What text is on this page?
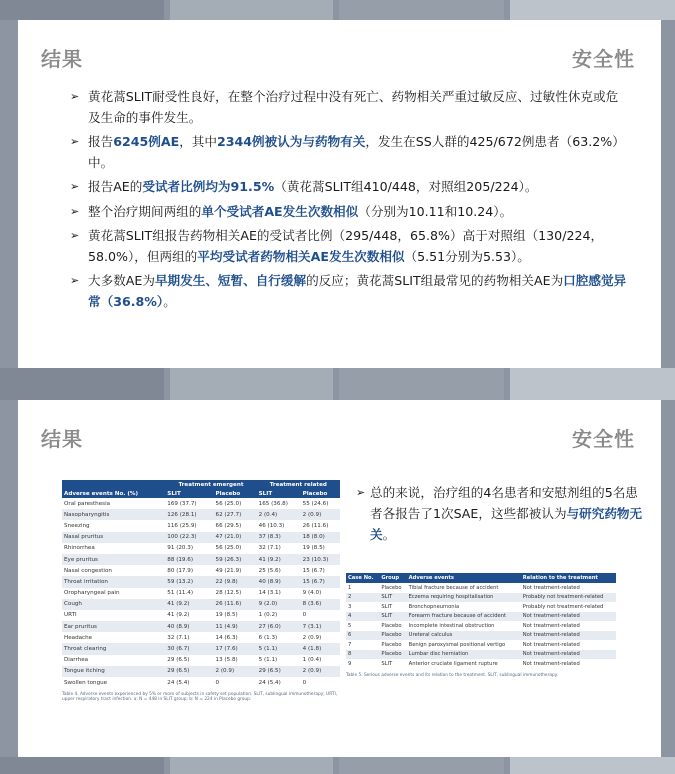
结果	安全性
➢ 黄花蒿SLIT耐受性良好，在整个治疗过程中没有死亡、药物相关严重过敏反应、过敏性休克或危及生命的事件发生。
➢ 报告6245例AE，其中2344例被认为与药物有关，发生在SS人群的425/672例患者（63.2%）中。
➢ 报告AE的受试者比例均为91.5%（黄花蒿SLIT组410/448，对照组205/224）。
➢ 整个治疗期间两组的单个受试者AE发生次数相似（分别为10.11和10.24）。
➢ 黄花蒿SLIT组报告药物相关AE的受试者比例（295/448，65.8%）高于对照组（130/224，58.0%），但两组的平均受试者药物相关AE发生次数相似（5.51分别为5.53）。
➢ 大多数AE为早期发生、短暂、自行缓解的反应；黄花蒿SLIT组最常见的药物相关AE为口腔感觉异常（36.8%）。
结果	安全性
	Treatment emergent		Treatment related	
Adverse events No. (%)	SLIT	Placebo	SLIT	Placebo
Oral paresthesia	169 (37.7)	56 (25.0)	165 (36.8)	55 (24.6)
Nasopharyngitis	126 (28.1)	62 (27.7)	2 (0.4)	2 (0.9)
Sneezing	116 (25.9)	66 (29.5)	46 (10.3)	26 (11.6)
Nasal pruritus	100 (22.3)	47 (21.0)	37 (8.3)	18 (8.0)
Rhinorrhea	91 (20.3)	56 (25.0)	32 (7.1)	19 (8.5)
Eye pruritus	88 (19.6)	59 (26.3)	41 (9.2)	23 (10.3)
Nasal congestion	80 (17.9)	49 (21.9)	25 (5.6)	15 (6.7)
Throat irritation	59 (13.2)	22 (9.8)	40 (8.9)	15 (6.7)
Oropharyngeal pain	51 (11.4)	28 (12.5)	14 (3.1)	9 (4.0)
Cough	41 (9.2)	26 (11.6)	9 (2.0)	8 (3.6)
URTI	41 (9.2)	19 (8.5)	1 (0.2)	0
Ear pruritus	40 (8.9)	11 (4.9)	27 (6.0)	7 (3.1)
Headache	32 (7.1)	14 (6.3)	6 (1.3)	2 (0.9)
Throat clearing	30 (6.7)	17 (7.6)	5 (1.1)	4 (1.8)
Diarrhea	29 (6.5)	13 (5.8)	5 (1.1)	1 (0.4)
Tongue itching	29 (6.5)	2 (0.9)	29 (6.5)	2 (0.9)
Swollen tongue	24 (5.4)	0	24 (5.4)	0
Table 4. Adverse events experienced by 5% or more of subjects in safety set population. SLIT, sublingual immunotherapy; URTI, upper respiratory tract infection. a: N = 448 in SLIT group; b: N = 224 in Placebo group.
➢ 总的来说，治疗组的4名患者和安慰剂组的5名患者各报告了1次SAE，这些都被认为与研究药物无关。
Case No.	Group	Adverse events	Relation to the treatment
1	Placebo	Tibial fracture because of accident	Not treatment-related
2	SLIT	Eczema requiring hospitalisation	Probably not treatment-related
3	SLIT	Bronchopneumonia	Probably not treatment-related
4	SLIT	Forearm fracture because of accident	Not treatment-related
5	Placebo	Incomplete intestinal obstruction	Not treatment-related
6	Placebo	Ureteral calculus	Not treatment-related
7	Placebo	Benign paroxysmal positional vertigo	Not treatment-related
8	Placebo	Lumbar disc herniation	Not treatment-related
9	SLIT	Anterior cruciate ligament rupture	Not treatment-related
Table 5. Serious adverse events and its relation to the treatment. SLIT, sublingual immunotherapy.
